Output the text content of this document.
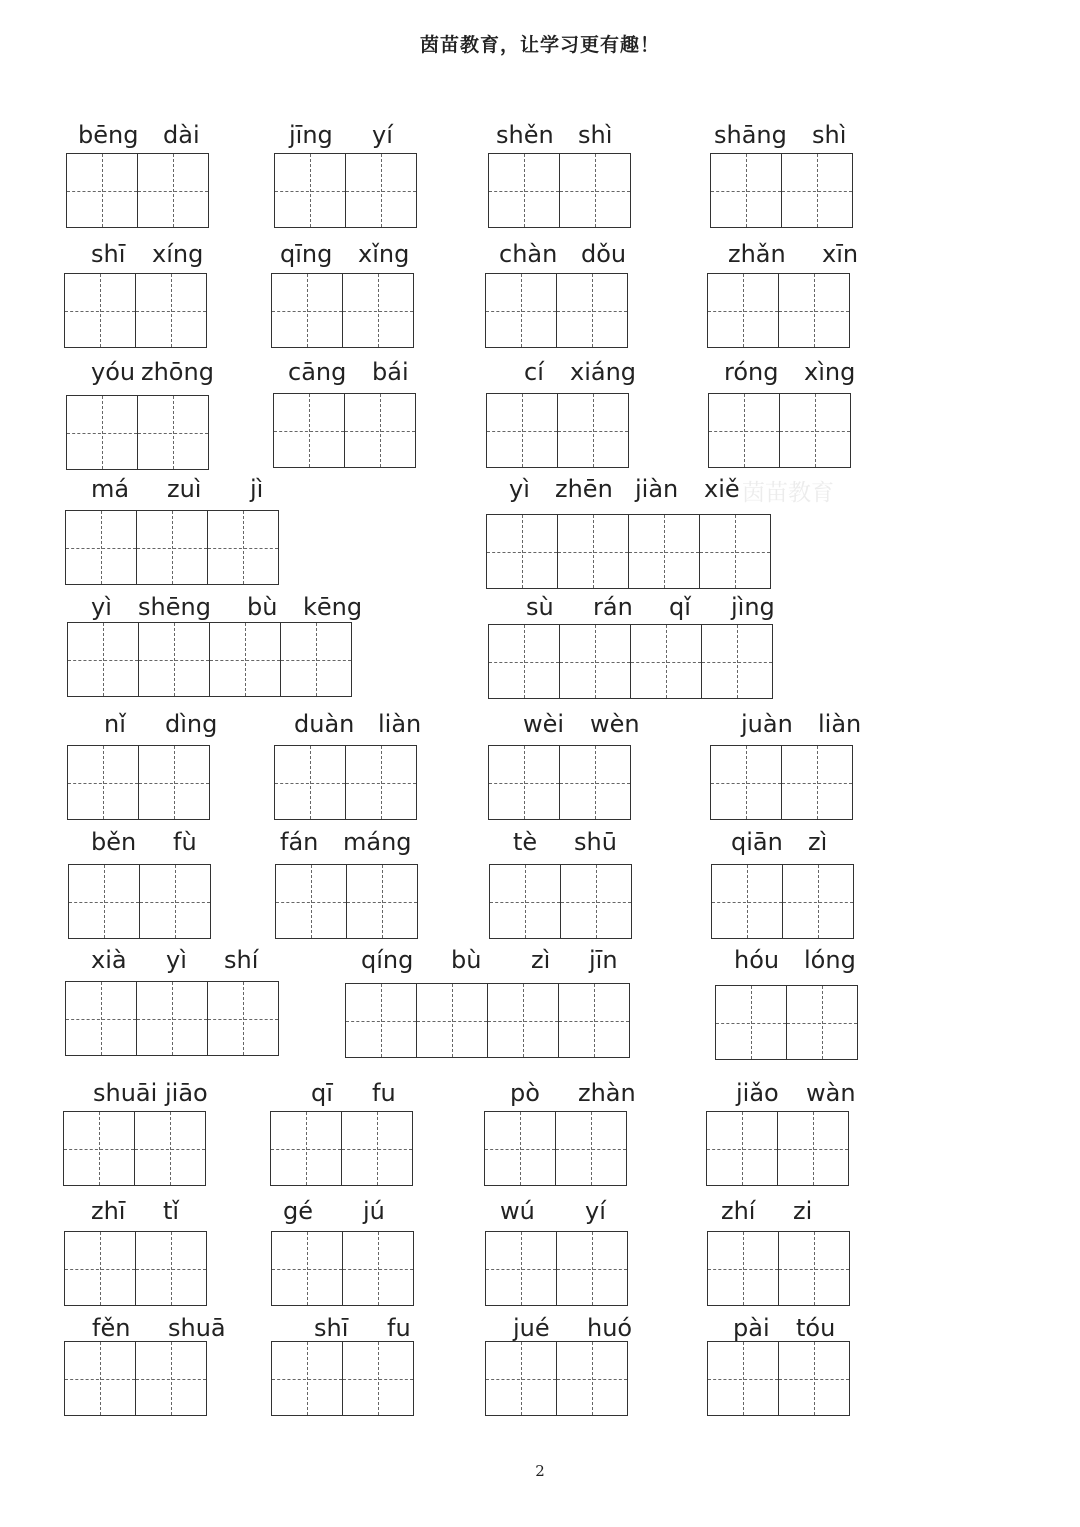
茵苗教育，让学习更有趣！
茵苗教育
bēng dài	jīng yí	shěn shì	shāng shì
shī xíng	qīng xǐng	chàn dǒu	zhǎn xīn
yóu zhōng	cāng bái	cí xiáng	róng xìng
má zuì jì	yì zhēn jiàn xiě
yì shēng bù kēng	sù rán qǐ jìng
nǐ dìng	duàn liàn	wèi wèn	juàn liàn
běn fù	fán máng	tè shū	qiān zì
xià yì shí	qíng bù zì jīn	hóu lóng
shuāi jiāo	qī fu	pò zhàn	jiǎo wàn
zhī tǐ	gé jú	wú yí	zhí zi
fěn shuā	shī fu	jué huó	pài tóu
2
